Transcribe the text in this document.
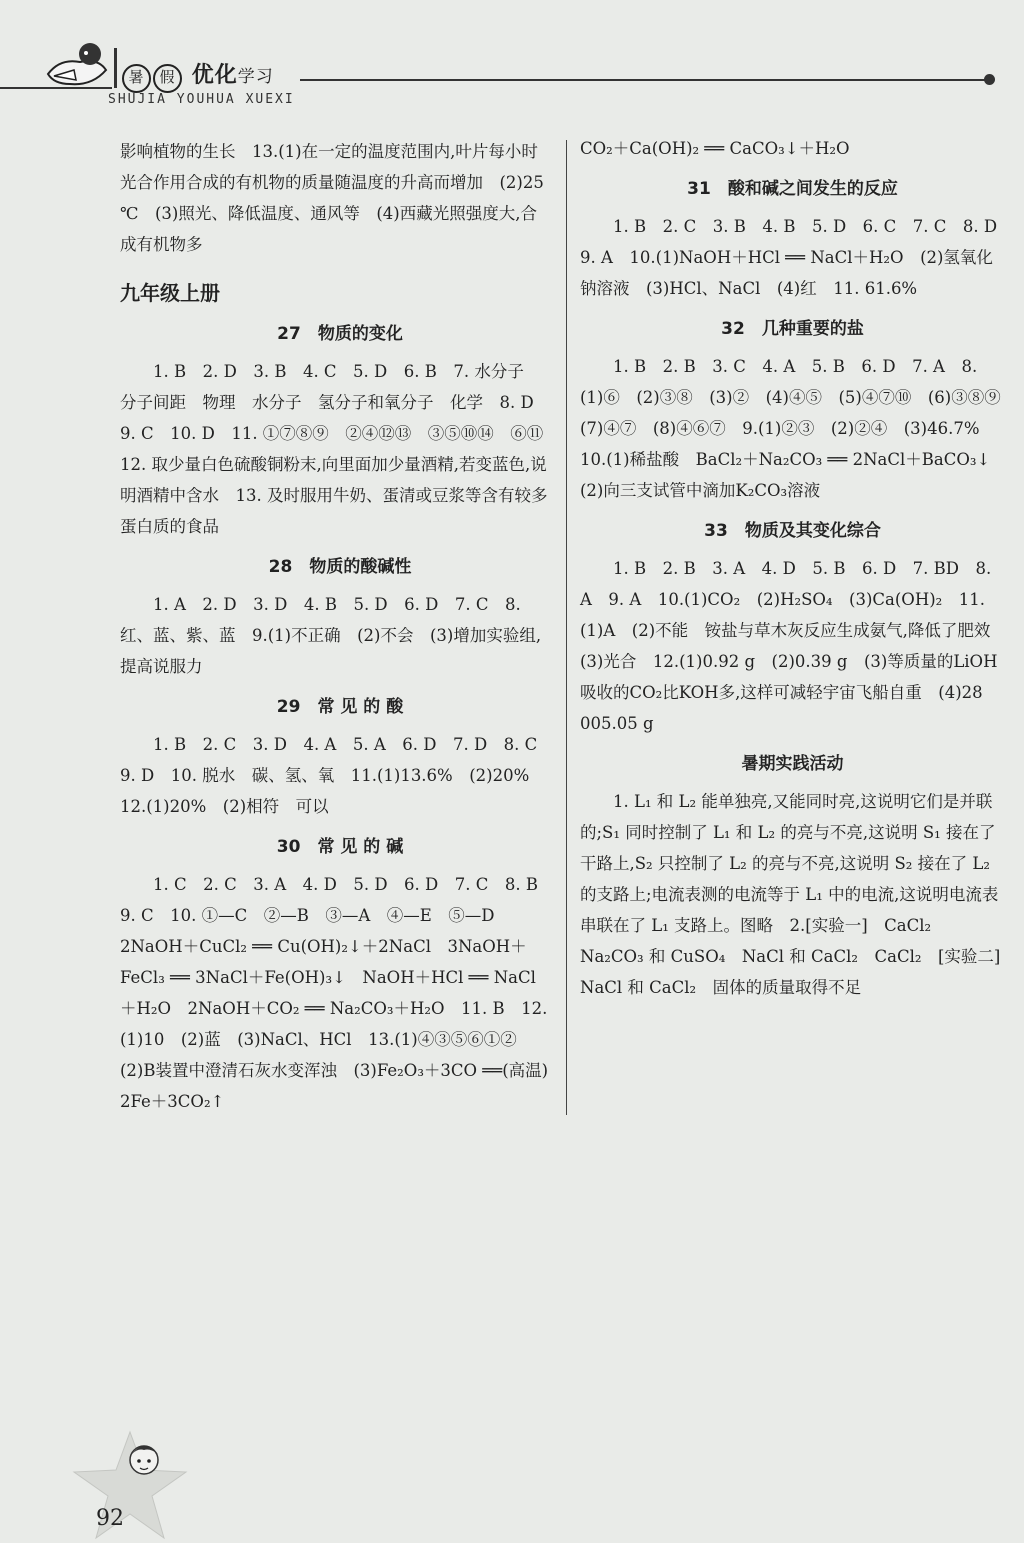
暑 假 优化学习
SHUJIA YOUHUA XUEXI

影响植物的生长　13.(1)在一定的温度范围内,叶片每小时光合作用合成的有机物的质量随温度的升高而增加　(2)25 ℃　(3)照光、降低温度、通风等　(4)西藏光照强度大,合成有机物多

九年级上册
27　物质的变化

1. B　2. D　3. B　4. C　5. D　6. B　7. 水分子　分子间距　物理　水分子　氢分子和氧分子　化学　8. D　9. C　10. D　11. ①⑦⑧⑨　②④⑫⑬　③⑤⑩⑭　⑥⑪　12. 取少量白色硫酸铜粉末,向里面加少量酒精,若变蓝色,说明酒精中含水　13. 及时服用牛奶、蛋清或豆浆等含有较多蛋白质的食品

28　物质的酸碱性

1. A　2. D　3. D　4. B　5. D　6. D　7. C　8. 红、蓝、紫、蓝　9.(1)不正确　(2)不会　(3)增加实验组,提高说服力

29　常 见 的 酸

1. B　2. C　3. D　4. A　5. A　6. D　7. D　8. C　9. D　10. 脱水　碳、氢、氧　11.(1)13.6%　(2)20%　12.(1)20%　(2)相符　可以

30　常 见 的 碱

1. C　2. C　3. A　4. D　5. D　6. D　7. C　8. B　9. C　10. ①—C　②—B　③—A　④—E　⑤—D　2NaOH＋CuCl₂ ══ Cu(OH)₂↓＋2NaCl　3NaOH＋FeCl₃ ══ 3NaCl＋Fe(OH)₃↓　NaOH＋HCl ══ NaCl＋H₂O　2NaOH＋CO₂ ══ Na₂CO₃＋H₂O　11. B　12.(1)10　(2)蓝　(3)NaCl、HCl　13.(1)④③⑤⑥①②　(2)B装置中澄清石灰水变浑浊　(3)Fe₂O₃＋3CO ══(高温) 2Fe＋3CO₂↑

CO₂＋Ca(OH)₂ ══ CaCO₃↓＋H₂O

31　酸和碱之间发生的反应

1. B　2. C　3. B　4. B　5. D　6. C　7. C　8. D　9. A　10.(1)NaOH＋HCl ══ NaCl＋H₂O　(2)氢氧化钠溶液　(3)HCl、NaCl　(4)红　11. 61.6%

32　几种重要的盐

1. B　2. B　3. C　4. A　5. B　6. D　7. A　8.(1)⑥　(2)③⑧　(3)②　(4)④⑤　(5)④⑦⑩　(6)③⑧⑨　(7)④⑦　(8)④⑥⑦　9.(1)②③　(2)②④　(3)46.7%　10.(1)稀盐酸　BaCl₂＋Na₂CO₃ ══ 2NaCl＋BaCO₃↓　(2)向三支试管中滴加K₂CO₃溶液

33　物质及其变化综合

1. B　2. B　3. A　4. D　5. B　6. D　7. BD　8. A　9. A　10.(1)CO₂　(2)H₂SO₄　(3)Ca(OH)₂　11.(1)A　(2)不能　铵盐与草木灰反应生成氨气,降低了肥效　(3)光合　12.(1)0.92 g　(2)0.39 g　(3)等质量的LiOH吸收的CO₂比KOH多,这样可减轻宇宙飞船自重　(4)28 005.05 g

暑期实践活动

1. L₁ 和 L₂ 能单独亮,又能同时亮,这说明它们是并联的;S₁ 同时控制了 L₁ 和 L₂ 的亮与不亮,这说明 S₁ 接在了干路上,S₂ 只控制了 L₂ 的亮与不亮,这说明 S₂ 接在了 L₂ 的支路上;电流表测的电流等于 L₁ 中的电流,这说明电流表串联在了 L₁ 支路上。图略　2.[实验一]　CaCl₂　Na₂CO₃ 和 CuSO₄　NaCl 和 CaCl₂　CaCl₂　[实验二]　NaCl 和 CaCl₂　固体的质量取得不足

92
